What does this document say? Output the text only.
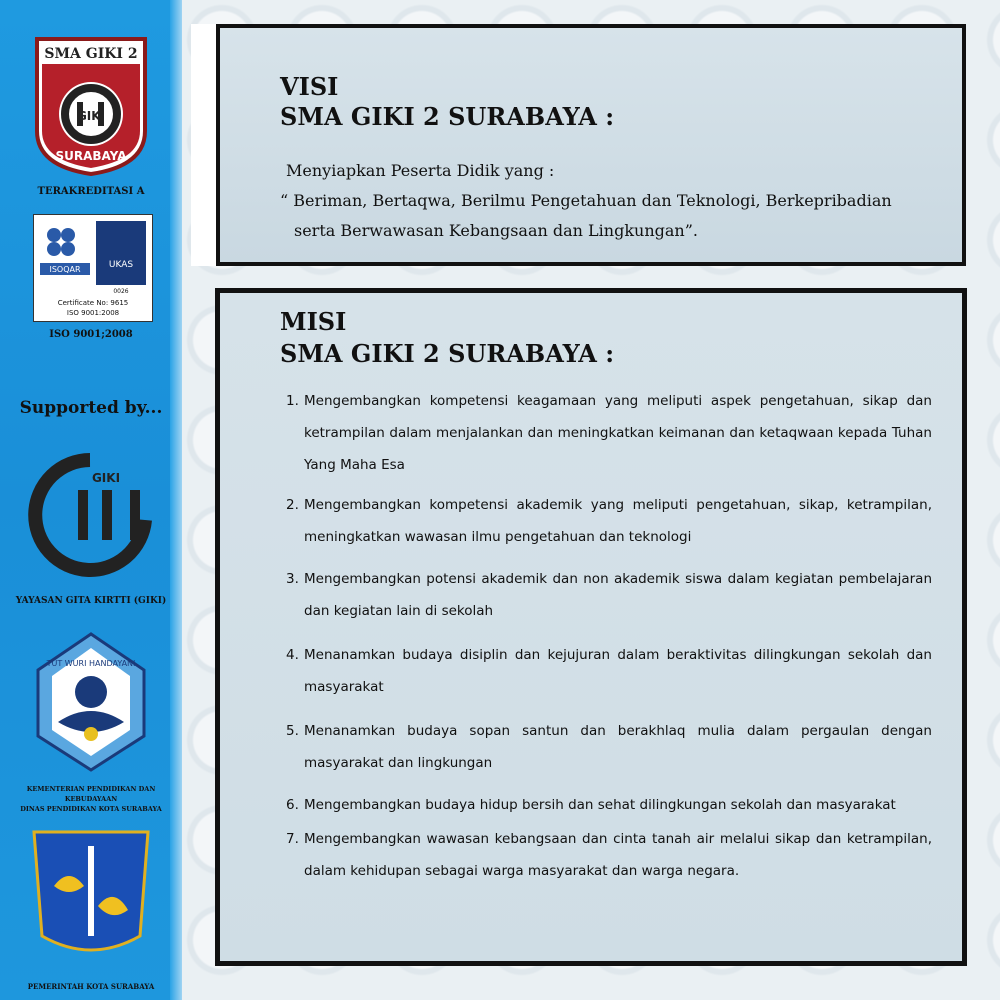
SMA GIKI 2
GIKI
SURABAYA
TERAKREDITASI A
ISOQAR	UKAS
0026
Certificate No: 9615
ISO 9001:2008
ISO 9001;2008
Supported by...
GIKI
YAYASAN GITA KIRTTI (GIKI)
TUT WURI HANDAYANI
KEMENTERIAN PENDIDIKAN DAN KEBUDAYAAN
DINAS PENDIDIKAN KOTA SURABAYA
PEMERINTAH KOTA SURABAYA
VISI
SMA GIKI 2 SURABAYA :
Menyiapkan Peserta Didik yang :
“ Beriman, Bertaqwa, Berilmu Pengetahuan dan Teknologi, Berkepribadian
serta Berwawasan Kebangsaan dan Lingkungan”.
MISI
SMA GIKI 2 SURABAYA :
1. Mengembangkan kompetensi keagamaan yang meliputi aspek pengetahuan, sikap dan ketrampilan dalam menjalankan dan meningkatkan keimanan dan ketaqwaan kepada Tuhan Yang Maha Esa
2. Mengembangkan kompetensi akademik yang meliputi pengetahuan, sikap, ketrampilan, meningkatkan wawasan ilmu pengetahuan dan teknologi
3. Mengembangkan potensi akademik dan non akademik siswa dalam kegiatan pembelajaran dan kegiatan lain di sekolah
4. Menanamkan budaya disiplin dan kejujuran dalam beraktivitas dilingkungan sekolah dan masyarakat
5. Menanamkan budaya sopan santun dan berakhlaq mulia dalam pergaulan dengan masyarakat dan lingkungan
6. Mengembangkan budaya hidup bersih dan sehat dilingkungan sekolah dan masyarakat
7. Mengembangkan wawasan kebangsaan dan cinta tanah air melalui sikap dan ketrampilan, dalam kehidupan sebagai warga masyarakat dan warga negara.
